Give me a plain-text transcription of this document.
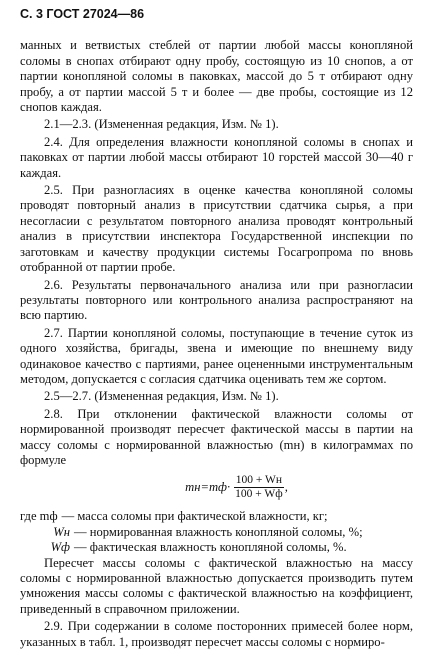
С. 3 ГОСТ 27024—86

манных и ветвистых стеблей от партии любой массы конопляной соломы в снопах отбирают одну пробу, состоящую из 10 снопов, а от партии конопляной соломы в паковках, массой до 5 т отбирают одну пробу, а от партии массой 5 т и более — две пробы, состоящие из 12 снопов каждая.

2.1—2.3. (Измененная редакция, Изм. № 1).

2.4. Для определения влажности конопляной соломы в снопах и паковках от партии любой массы отбирают 10 горстей массой 30—40 г каждая.

2.5. При разногласиях в оценке качества конопляной соломы проводят повторный анализ в присутствии сдатчика сырья, а при несогласии с результатом повторного анализа проводят контрольный анализ в присутствии инспектора Государственной инспекции по заготовкам и качеству продукции системы Госагропрома по вновь отобранной от партии пробе.

2.6. Результаты первоначального анализа или при разногласии результаты повторного или контрольного анализа распространяют на всю партию.

2.7. Партии конопляной соломы, поступающие в течение суток из одного хозяйства, бригады, звена и имеющие по внешнему виду одинаковое качество с партиями, ранее оцененными инструментальным методом, допускается с согласия сдатчика оценивать тем же сортом.

2.5—2.7. (Измененная редакция, Изм. № 1).

2.8. При отклонении фактической влажности соломы от нормированной производят пересчет фактической массы в партии на массу соломы с нормированной влажностью (mн) в килограммах по формуле

$mн=mф\cdot \frac{100 + Wн}{100 + Wф}$ ,
где mф — масса соломы при фактической влажности, кг;
Wн — нормированная влажность конопляной соломы, %;
Wф — фактическая влажность конопляной соломы, %.

Пересчет массы соломы с фактической влажностью на массу соломы с нормированной влажностью допускается производить путем умножения массы соломы с фактической влажностью на коэффициент, приведенный в справочном приложении.

2.9. При содержании в соломе посторонних примесей более норм, указанных в табл. 1, производят пересчет массы соломы с нормиро-
